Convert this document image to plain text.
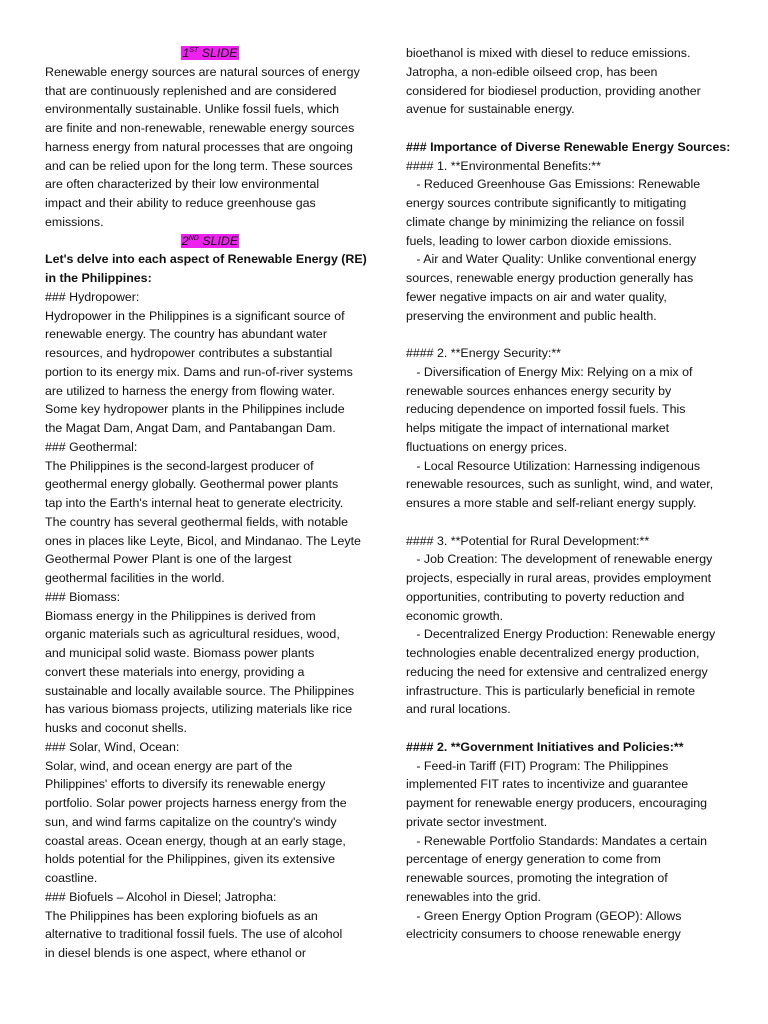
1ST SLIDE
Renewable energy sources are natural sources of energy
that are continuously replenished and are considered
environmentally sustainable. Unlike fossil fuels, which
are finite and non-renewable, renewable energy sources
harness energy from natural processes that are ongoing
and can be relied upon for the long term. These sources
are often characterized by their low environmental
impact and their ability to reduce greenhouse gas
emissions.
2ND SLIDE
Let's delve into each aspect of Renewable Energy (RE)
in the Philippines:
### Hydropower:
Hydropower in the Philippines is a significant source of
renewable energy. The country has abundant water
resources, and hydropower contributes a substantial
portion to its energy mix. Dams and run-of-river systems
are utilized to harness the energy from flowing water.
Some key hydropower plants in the Philippines include
the Magat Dam, Angat Dam, and Pantabangan Dam.
### Geothermal:
The Philippines is the second-largest producer of
geothermal energy globally. Geothermal power plants
tap into the Earth's internal heat to generate electricity.
The country has several geothermal fields, with notable
ones in places like Leyte, Bicol, and Mindanao. The Leyte
Geothermal Power Plant is one of the largest
geothermal facilities in the world.
### Biomass:
Biomass energy in the Philippines is derived from
organic materials such as agricultural residues, wood,
and municipal solid waste. Biomass power plants
convert these materials into energy, providing a
sustainable and locally available source. The Philippines
has various biomass projects, utilizing materials like rice
husks and coconut shells.
### Solar, Wind, Ocean:
Solar, wind, and ocean energy are part of the
Philippines' efforts to diversify its renewable energy
portfolio. Solar power projects harness energy from the
sun, and wind farms capitalize on the country's windy
coastal areas. Ocean energy, though at an early stage,
holds potential for the Philippines, given its extensive
coastline.
### Biofuels – Alcohol in Diesel; Jatropha:
The Philippines has been exploring biofuels as an
alternative to traditional fossil fuels. The use of alcohol
in diesel blends is one aspect, where ethanol or
bioethanol is mixed with diesel to reduce emissions.
Jatropha, a non-edible oilseed crop, has been
considered for biodiesel production, providing another
avenue for sustainable energy.
### Importance of Diverse Renewable Energy Sources:
#### 1. **Environmental Benefits:**
- Reduced Greenhouse Gas Emissions: Renewable
energy sources contribute significantly to mitigating
climate change by minimizing the reliance on fossil
fuels, leading to lower carbon dioxide emissions.
- Air and Water Quality: Unlike conventional energy
sources, renewable energy production generally has
fewer negative impacts on air and water quality,
preserving the environment and public health.
#### 2. **Energy Security:**
- Diversification of Energy Mix: Relying on a mix of
renewable sources enhances energy security by
reducing dependence on imported fossil fuels. This
helps mitigate the impact of international market
fluctuations on energy prices.
- Local Resource Utilization: Harnessing indigenous
renewable resources, such as sunlight, wind, and water,
ensures a more stable and self-reliant energy supply.
#### 3. **Potential for Rural Development:**
- Job Creation: The development of renewable energy
projects, especially in rural areas, provides employment
opportunities, contributing to poverty reduction and
economic growth.
- Decentralized Energy Production: Renewable energy
technologies enable decentralized energy production,
reducing the need for extensive and centralized energy
infrastructure. This is particularly beneficial in remote
and rural locations.
#### 2. **Government Initiatives and Policies:**
- Feed-in Tariff (FIT) Program: The Philippines
implemented FIT rates to incentivize and guarantee
payment for renewable energy producers, encouraging
private sector investment.
- Renewable Portfolio Standards: Mandates a certain
percentage of energy generation to come from
renewable sources, promoting the integration of
renewables into the grid.
- Green Energy Option Program (GEOP): Allows
electricity consumers to choose renewable energy
